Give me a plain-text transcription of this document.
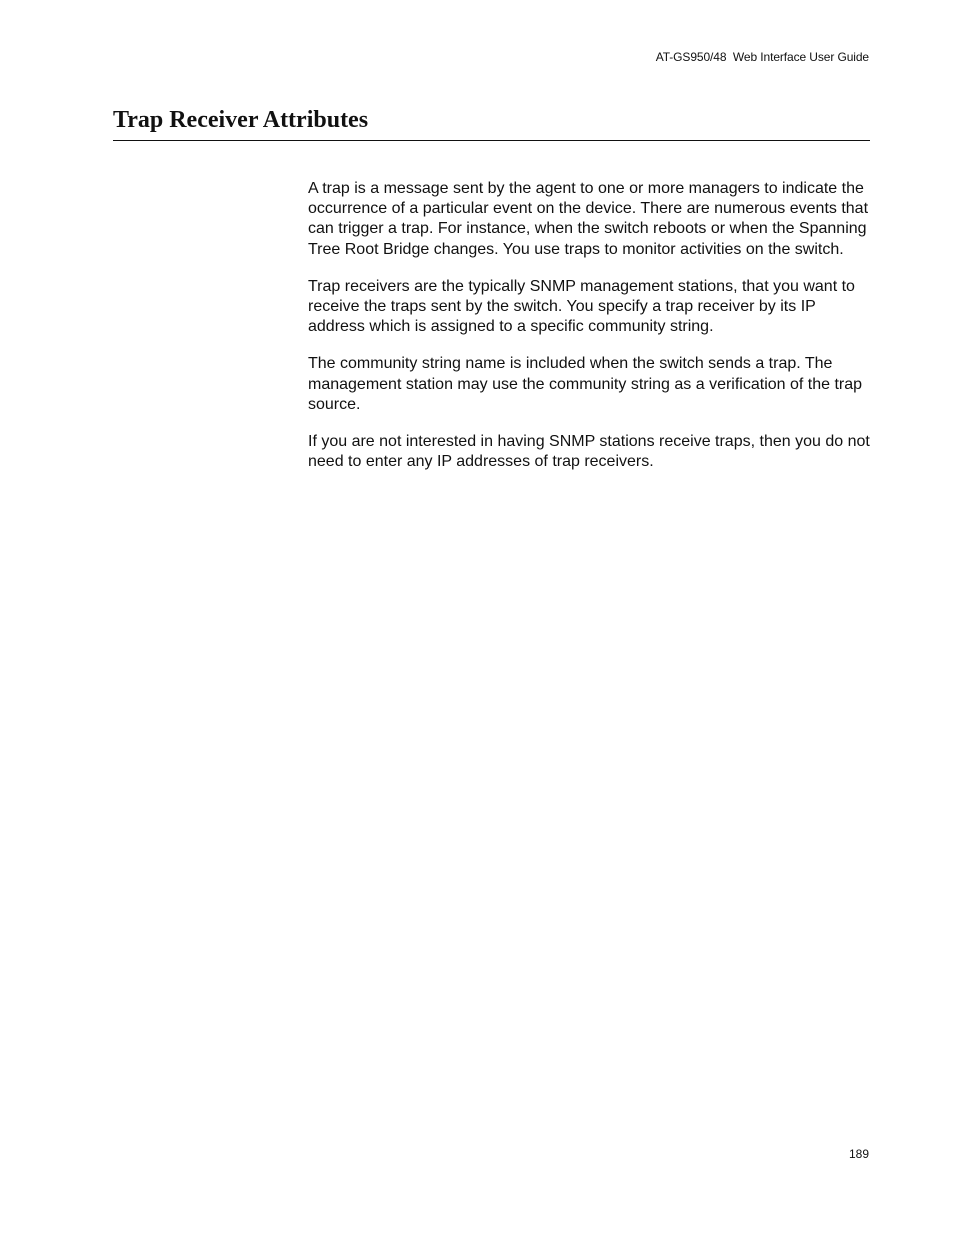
AT-GS950/48  Web Interface User Guide
Trap Receiver Attributes

A trap is a message sent by the agent to one or more managers to indicate the occurrence of a particular event on the device. There are numerous events that can trigger a trap. For instance, when the switch reboots or when the Spanning Tree Root Bridge changes. You use traps to monitor activities on the switch.

Trap receivers are the typically SNMP management stations, that you want to receive the traps sent by the switch. You specify a trap receiver by its IP address which is assigned to a specific community string.

The community string name is included when the switch sends a trap. The management station may use the community string as a verification of the trap source.

If you are not interested in having SNMP stations receive traps, then you do not need to enter any IP addresses of trap receivers.

189
